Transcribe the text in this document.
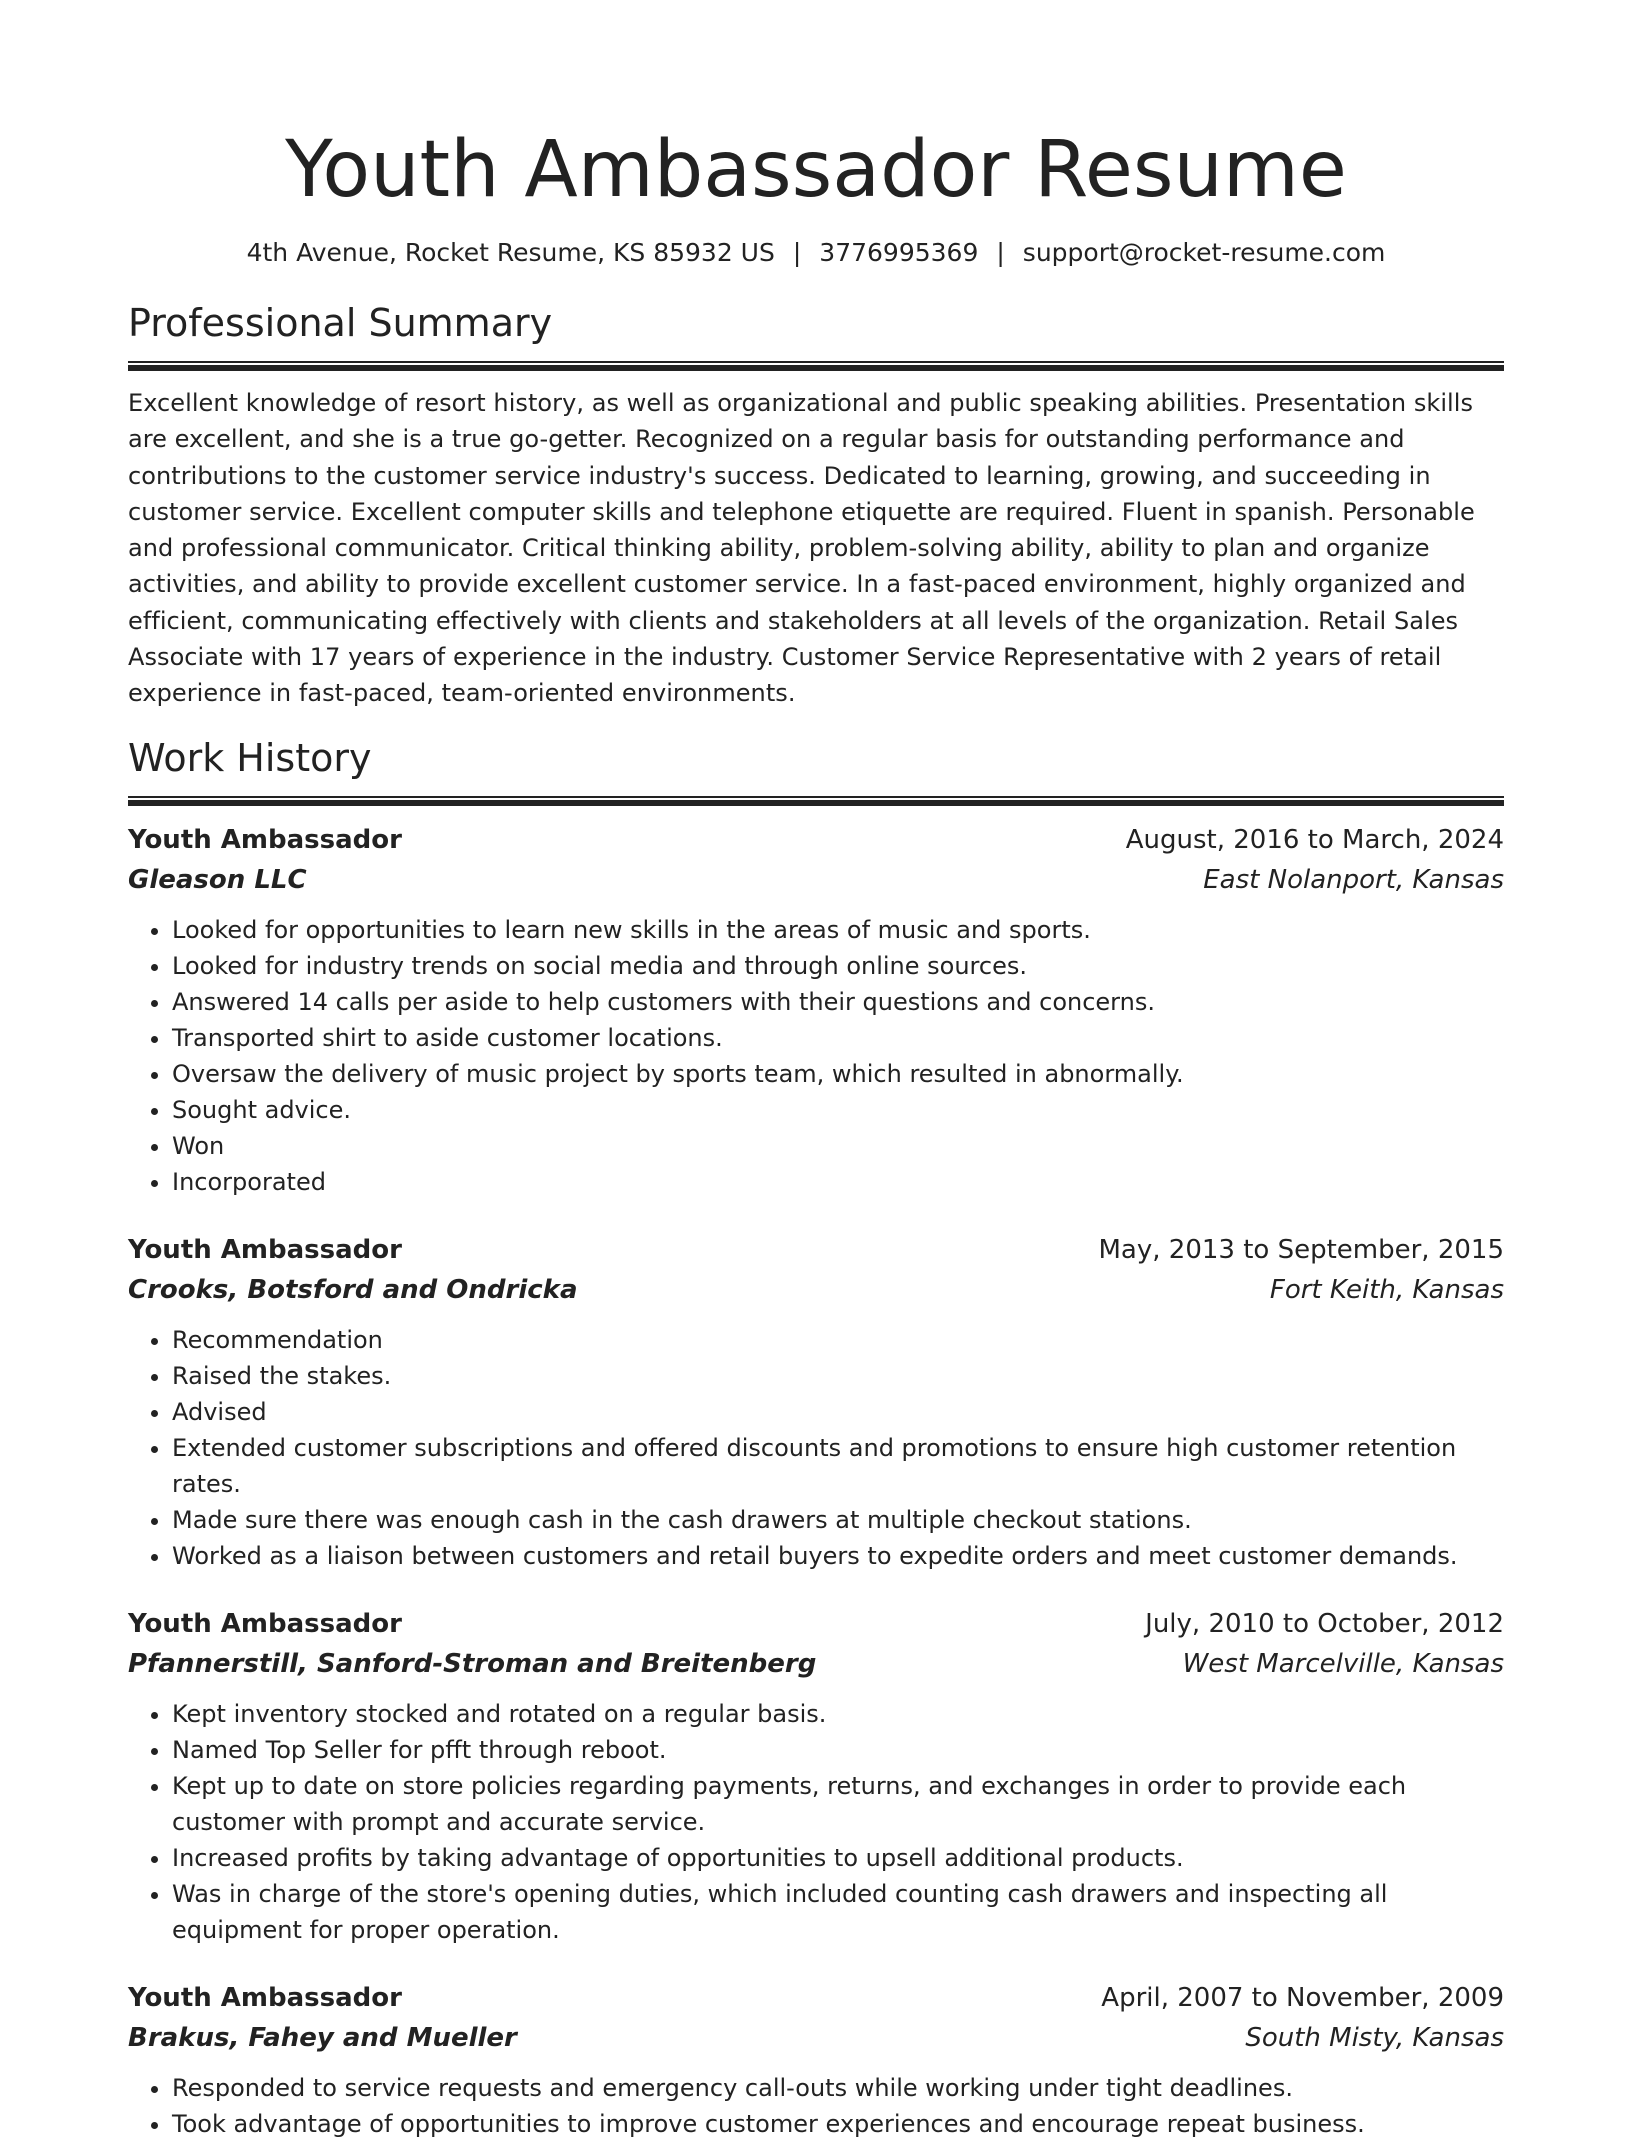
Youth Ambassador Resume
4th Avenue, Rocket Resume, KS 85932 US | 3776995369 | support@rocket-resume.com
Professional Summary
Excellent knowledge of resort history, as well as organizational and public speaking abilities. Presentation skills are excellent, and she is a true go-getter. Recognized on a regular basis for outstanding performance and contributions to the customer service industry's success. Dedicated to learning, growing, and succeeding in customer service. Excellent computer skills and telephone etiquette are required. Fluent in spanish. Personable and professional communicator. Critical thinking ability, problem-solving ability, ability to plan and organize activities, and ability to provide excellent customer service. In a fast-paced environment, highly organized and efficient, communicating effectively with clients and stakeholders at all levels of the organization. Retail Sales Associate with 17 years of experience in the industry. Customer Service Representative with 2 years of retail experience in fast-paced, team-oriented environments.
Work History
Youth Ambassador	August, 2016 to March, 2024
Gleason LLC	East Nolanport, Kansas
• Looked for opportunities to learn new skills in the areas of music and sports.
• Looked for industry trends on social media and through online sources.
• Answered 14 calls per aside to help customers with their questions and concerns.
• Transported shirt to aside customer locations.
• Oversaw the delivery of music project by sports team, which resulted in abnormally.
• Sought advice.
• Won
• Incorporated
Youth Ambassador	May, 2013 to September, 2015
Crooks, Botsford and Ondricka	Fort Keith, Kansas
• Recommendation
• Raised the stakes.
• Advised
• Extended customer subscriptions and offered discounts and promotions to ensure high customer retention rates.
• Made sure there was enough cash in the cash drawers at multiple checkout stations.
• Worked as a liaison between customers and retail buyers to expedite orders and meet customer demands.
Youth Ambassador	July, 2010 to October, 2012
Pfannerstill, Sanford-Stroman and Breitenberg	West Marcelville, Kansas
• Kept inventory stocked and rotated on a regular basis.
• Named Top Seller for pfft through reboot.
• Kept up to date on store policies regarding payments, returns, and exchanges in order to provide each customer with prompt and accurate service.
• Increased profits by taking advantage of opportunities to upsell additional products.
• Was in charge of the store's opening duties, which included counting cash drawers and inspecting all equipment for proper operation.
Youth Ambassador	April, 2007 to November, 2009
Brakus, Fahey and Mueller	South Misty, Kansas
• Responded to service requests and emergency call-outs while working under tight deadlines.
• Took advantage of opportunities to improve customer experiences and encourage repeat business.
